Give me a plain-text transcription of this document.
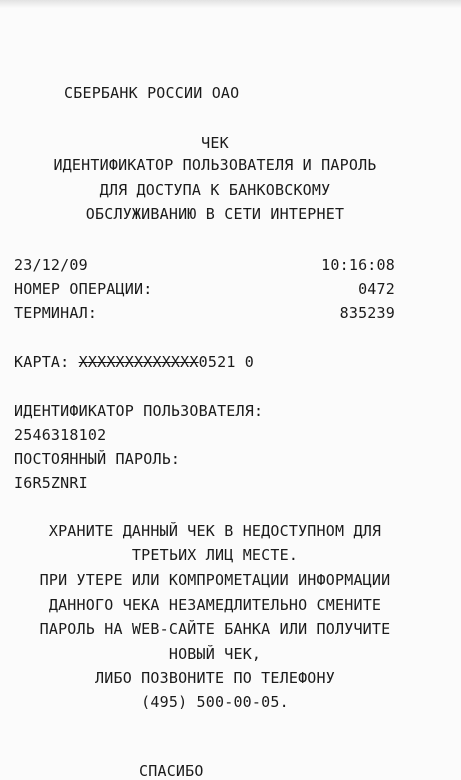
СБЕРБАНК РОССИИ ОАО
ЧЕК
ИДЕНТИФИКАТОР ПОЛЬЗОВАТЕЛЯ И ПАРОЛЬ
ДЛЯ ДОСТУПА К БАНКОВСКОМУ
ОБСЛУЖИВАНИЮ В СЕТИ ИНТЕРНЕТ
23/12/09	10:16:08
НОМЕР ОПЕРАЦИИ:	0472
ТЕРМИНАЛ:	835239
КАРТА: XXXXXXXXXXXXX0521 0
ИДЕНТИФИКАТОР ПОЛЬЗОВАТЕЛЯ:
2546318102
ПОСТОЯННЫЙ ПАРОЛЬ:
I6R5ZNRI
ХРАНИТЕ ДАННЫЙ ЧЕК В НЕДОСТУПНОМ ДЛЯ
ТРЕТЬИХ ЛИЦ МЕСТЕ.
ПРИ УТЕРЕ ИЛИ КОМПРОМЕТАЦИИ ИНФОРМАЦИИ
ДАННОГО ЧЕКА НЕЗАМЕДЛИТЕЛЬНО СМЕНИТЕ
ПАРОЛЬ НА WEB-САЙТЕ БАНКА ИЛИ ПОЛУЧИТЕ
НОВЫЙ ЧЕК,
ЛИБО ПОЗВОНИТЕ ПО ТЕЛЕФОНУ
(495) 500-00-05.
СПАСИБО
